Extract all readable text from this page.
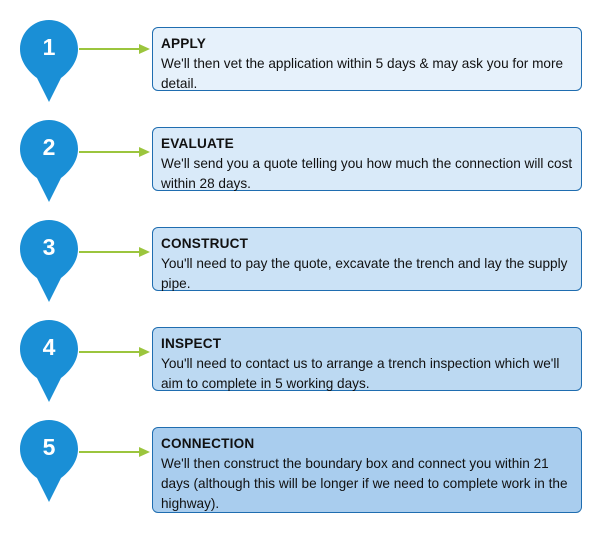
1	APPLY
We'll then vet the application within 5 days & may ask you for more detail.
2	EVALUATE
We'll send you a quote telling you how much the connection will cost within 28 days.
3	CONSTRUCT
You'll need to pay the quote, excavate the trench and lay the supply pipe.
4	INSPECT
You'll need to contact us to arrange a trench inspection which we'll aim to complete in 5 working days.
5	CONNECTION
We'll then construct the boundary box and connect you within 21 days (although this will be longer if we need to complete work in the highway).
